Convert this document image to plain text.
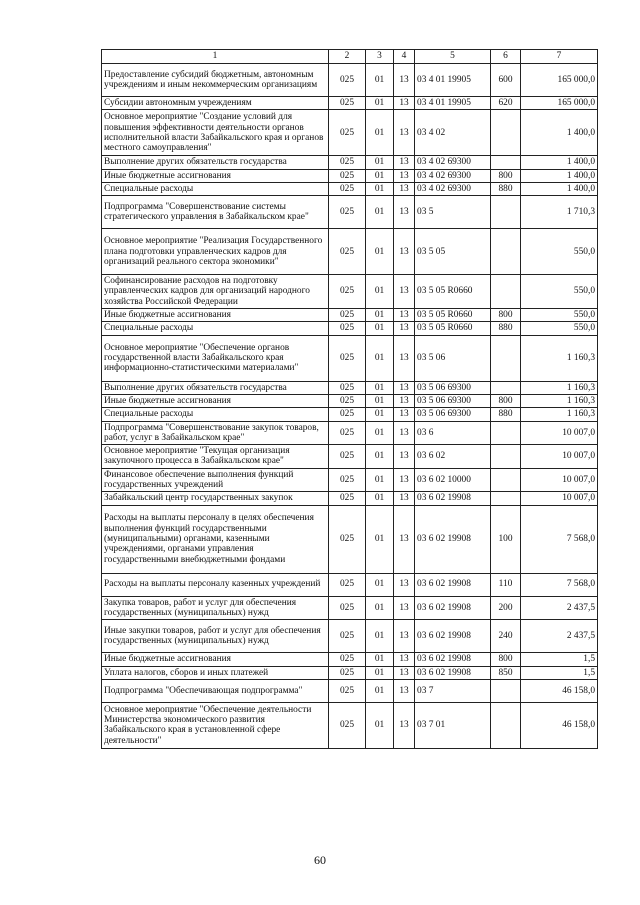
1	2	3	4	5	6	7
Предоставление субсидий бюджетным, автономным учреждениям и иным некоммерческим организациям	025	01	13	03 4 01 19905	600	165 000,0
Субсидии автономным учреждениям	025	01	13	03 4 01 19905	620	165 000,0
Основное мероприятие "Создание условий для повышения эффективности деятельности органов исполнительной власти Забайкальского края и органов местного самоуправления"	025	01	13	03 4 02		1 400,0
Выполнение других обязательств государства	025	01	13	03 4 02 69300		1 400,0
Иные бюджетные ассигнования	025	01	13	03 4 02 69300	800	1 400,0
Специальные расходы	025	01	13	03 4 02 69300	880	1 400,0
Подпрограмма "Совершенствование системы стратегического управления в Забайкальском крае"	025	01	13	03 5		1 710,3
Основное мероприятие "Реализация Государственного плана подготовки управленческих кадров для организаций реального сектора экономики"	025	01	13	03 5 05		550,0
Софинансирование расходов на подготовку управленческих кадров для организаций народного хозяйства Российской Федерации	025	01	13	03 5 05 R0660		550,0
Иные бюджетные ассигнования	025	01	13	03 5 05 R0660	800	550,0
Специальные расходы	025	01	13	03 5 05 R0660	880	550,0
Основное мероприятие "Обеспечение органов государственной власти Забайкальского края информационно-статистическими материалами"	025	01	13	03 5 06		1 160,3
Выполнение других обязательств государства	025	01	13	03 5 06 69300		1 160,3
Иные бюджетные ассигнования	025	01	13	03 5 06 69300	800	1 160,3
Специальные расходы	025	01	13	03 5 06 69300	880	1 160,3
Подпрограмма "Совершенствование закупок товаров, работ, услуг в Забайкальском крае"	025	01	13	03 6		10 007,0
Основное мероприятие "Текущая организация закупочного процесса в Забайкальском крае"	025	01	13	03 6 02		10 007,0
Финансовое обеспечение выполнения функций государственных учреждений	025	01	13	03 6 02 10000		10 007,0
Забайкальский центр государственных закупок	025	01	13	03 6 02 19908		10 007,0
Расходы на выплаты персоналу в целях обеспечения выполнения функций государственными (муниципальными) органами, казенными учреждениями, органами управления государственными внебюджетными фондами	025	01	13	03 6 02 19908	100	7 568,0
Расходы на выплаты персоналу казенных учреждений	025	01	13	03 6 02 19908	110	7 568,0
Закупка товаров, работ и услуг для обеспечения государственных (муниципальных) нужд	025	01	13	03 6 02 19908	200	2 437,5
Иные закупки товаров, работ и услуг для обеспечения государственных (муниципальных) нужд	025	01	13	03 6 02 19908	240	2 437,5
Иные бюджетные ассигнования	025	01	13	03 6 02 19908	800	1,5
Уплата налогов, сборов и иных платежей	025	01	13	03 6 02 19908	850	1,5
Подпрограмма "Обеспечивающая подпрограмма"	025	01	13	03 7		46 158,0
Основное мероприятие "Обеспечение деятельности Министерства экономического развития Забайкальского края в установленной сфере деятельности"	025	01	13	03 7 01		46 158,0
60
